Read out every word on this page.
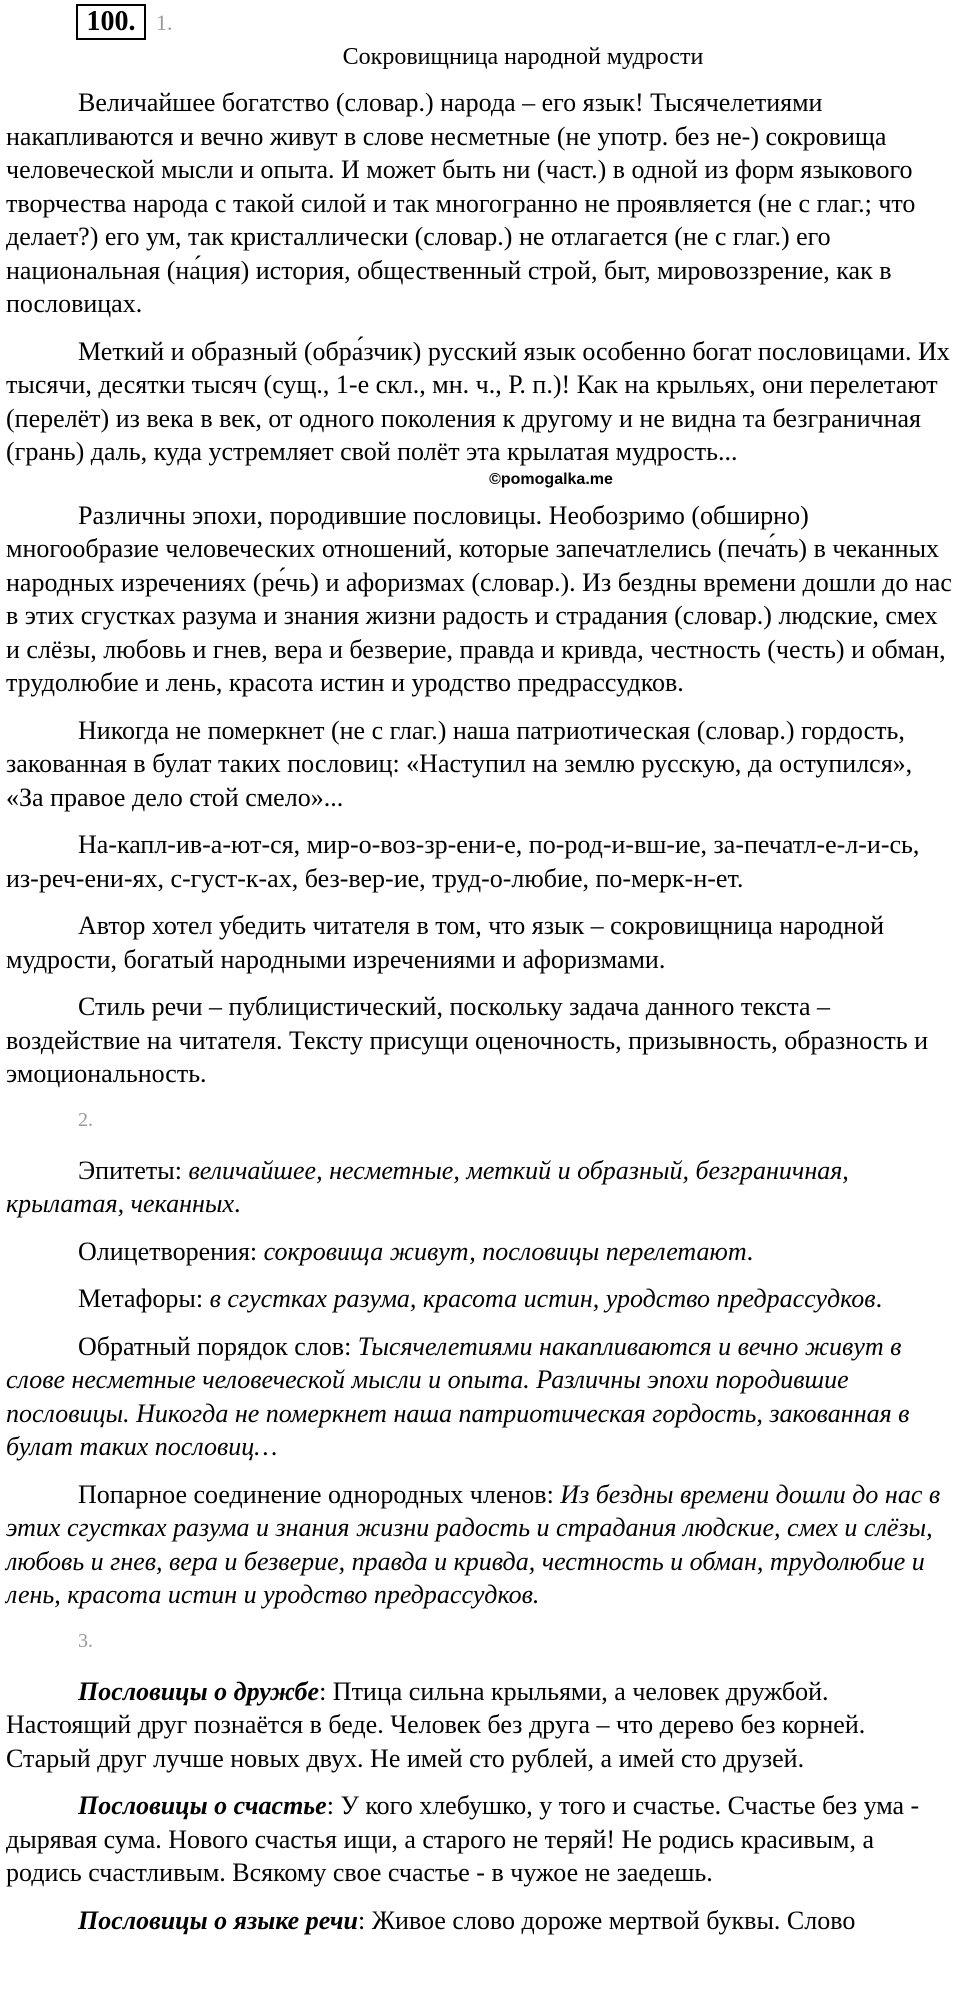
100. 1.
Сокровищница народной мудрости

Величайшее богатство (словар.) народа – его язык! Тысячелетиями накапливаются и вечно живут в слове несметные (не употр. без не-) сокровища человеческой мысли и опыта. И может быть ни (част.) в одной из форм языкового творчества народа с такой силой и так многогранно не проявляется (не с глаг.; что делает?) его ум, так кристаллически (словар.) не отлагается (не с глаг.) его национальная (на́ция) история, общественный строй, быт, мировоззрение, как в пословицах.

Меткий и образный (обра́зчик) русский язык особенно богат пословицами. Их тысячи, десятки тысяч (сущ., 1-е скл., мн. ч., Р. п.)! Как на крыльях, они перелетают (перелёт) из века в век, от одного поколения к другому и не видна та безграничная (грань) даль, куда устремляет свой полёт эта крылатая мудрость...

©pomogalka.me

Различны эпохи, породившие пословицы. Необозримо (обширно) многообразие человеческих отношений, которые запечатлелись (печа́ть) в чеканных народных изречениях (ре́чь) и афоризмах (словар.). Из бездны времени дошли до нас в этих сгустках разума и знания жизни радость и страдания (словар.) людские, смех и слёзы, любовь и гнев, вера и безверие, правда и кривда, честность (честь) и обман, трудолюбие и лень, красота истин и уродство предрассудков.

Никогда не померкнет (не с глаг.) наша патриотическая (словар.) гордость, закованная в булат таких пословиц: «Наступил на землю русскую, да оступился», «За правое дело стой смело»...

На-капл-ив-а-ют-ся, мир-о-воз-зр-ени-е, по-род-и-вш-ие, за-печатл-е-л-и-сь, из-реч-ени-ях, с-густ-к-ах, без-вер-ие, труд-о-любие, по-мерк-н-ет.

Автор хотел убедить читателя в том, что язык – сокровищница народной мудрости, богатый народными изречениями и афоризмами.

Стиль речи – публицистический, поскольку задача данного текста – воздействие на читателя. Тексту присущи оценочность, призывность, образность и эмоциональность.

2.

Эпитеты: величайшее, несметные, меткий и образный, безграничная, крылатая, чеканных.

Олицетворения: сокровища живут, пословицы перелетают.

Метафоры: в сгустках разума, красота истин, уродство предрассудков.

Обратный порядок слов: Тысячелетиями накапливаются и вечно живут в слове несметные человеческой мысли и опыта. Различны эпохи породившие пословицы. Никогда не померкнет наша патриотическая гордость, закованная в булат таких пословиц…

Попарное соединение однородных членов: Из бездны времени дошли до нас в этих сгустках разума и знания жизни радость и страдания людские, смех и слёзы, любовь и гнев, вера и безверие, правда и кривда, честность и обман, трудолюбие и лень, красота истин и уродство предрассудков.

3.

Пословицы о дружбе: Птица сильна крыльями, а человек дружбой. Настоящий друг познаётся в беде. Человек без друга – что дерево без корней. Старый друг лучше новых двух. Не имей сто рублей, а имей сто друзей.

Пословицы о счастье: У кого хлебушко, у того и счастье. Счастье без ума - дырявая сума. Нового счастья ищи, а старого не теряй! Не родись красивым, а родись счастливым. Всякому свое счастье - в чужое не заедешь.

Пословицы о языке речи: Живое слово дороже мертвой буквы. Слово
